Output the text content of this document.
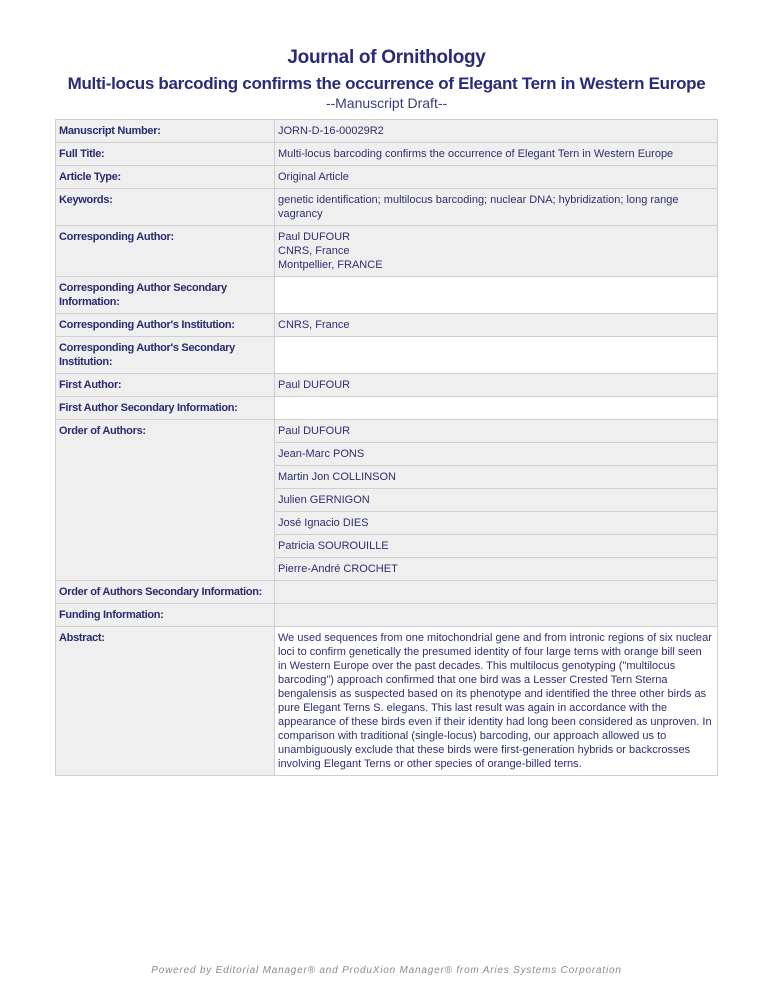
Journal of Ornithology
Multi-locus barcoding confirms the occurrence of Elegant Tern in Western Europe
--Manuscript Draft--
Manuscript Number:	JORN-D-16-00029R2
Full Title:	Multi-locus barcoding confirms the occurrence of Elegant Tern in Western Europe
Article Type:	Original Article
Keywords:	genetic identification; multilocus barcoding; nuclear DNA; hybridization; long range vagrancy
Corresponding Author:	Paul DUFOUR
CNRS, France
Montpellier, FRANCE

Corresponding Author Secondary Information:	
Corresponding Author's Institution:	CNRS, France
Corresponding Author's Secondary Institution:	
First Author:	Paul DUFOUR
First Author Secondary Information:	
Order of Authors:	Paul DUFOUR
	Jean-Marc PONS
	Martin Jon COLLINSON
	Julien GERNIGON
	José Ignacio DIES
	Patricia SOUROUILLE
	Pierre-André CROCHET
Order of Authors Secondary Information:	
Funding Information:	
Abstract:	We used sequences from one mitochondrial gene and from intronic regions of six nuclear loci to confirm genetically the presumed identity of four large terns with orange bill seen in Western Europe over the past decades. This multilocus genotyping ("multilocus barcoding") approach confirmed that one bird was a Lesser Crested Tern Sterna bengalensis as suspected based on its phenotype and identified the three other birds as pure Elegant Terns S. elegans. This last result was again in accordance with the appearance of these birds even if their identity had long been considered as unproven. In comparison with traditional (single-locus) barcoding, our approach allowed us to unambiguously exclude that these birds were first-generation hybrids or backcrosses involving Elegant Terns or other species of orange-billed terns.
Powered by Editorial Manager® and ProduXion Manager® from Aries Systems Corporation
